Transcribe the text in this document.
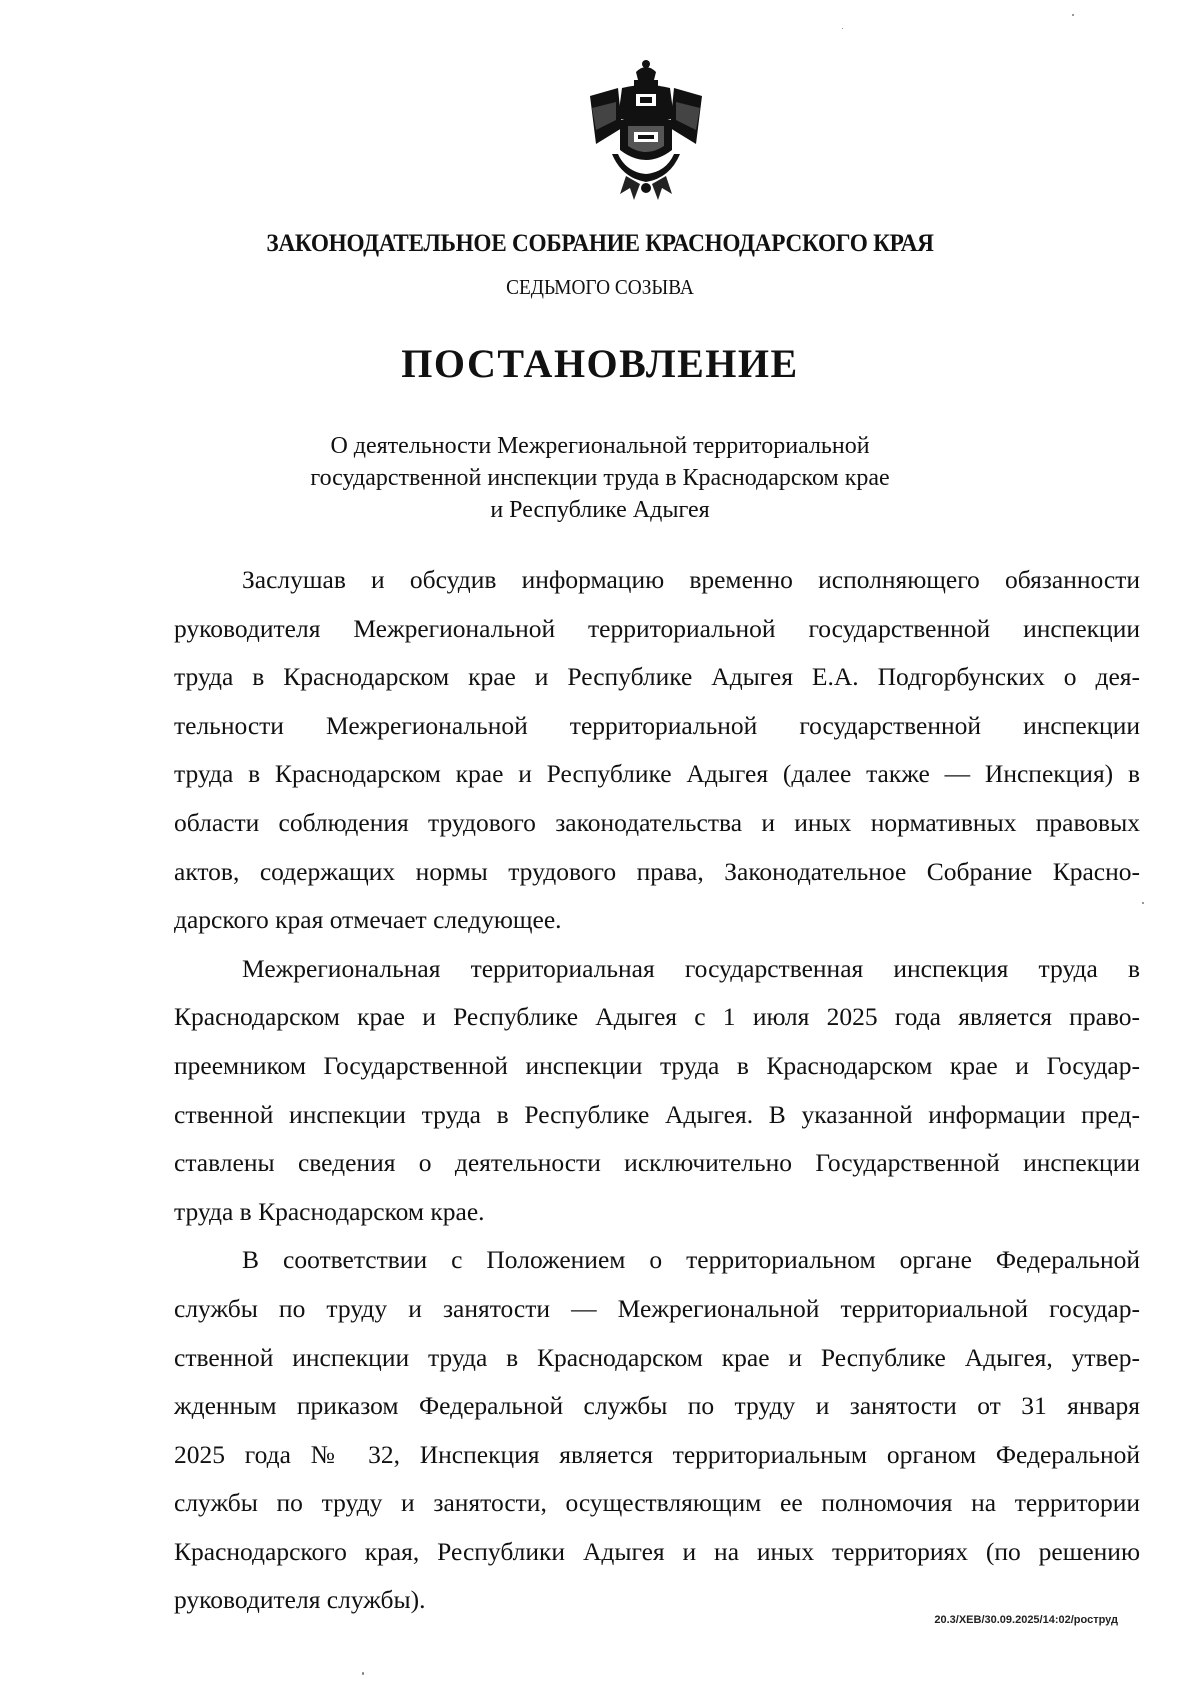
ЗАКОНОДАТЕЛЬНОЕ СОБРАНИЕ КРАСНОДАРСКОГО КРАЯ
СЕДЬМОГО СОЗЫВА
ПОСТАНОВЛЕНИЕ
О деятельности Межрегиональной территориальной
государственной инспекции труда в Краснодарском крае
и Республике Адыгея
Заслушав и обсудив информацию временно исполняющего обязанности
руководителя Межрегиональной территориальной государственной инспекции
труда в Краснодарском крае и Республике Адыгея Е.А. Подгорбунских о дея-
тельности Межрегиональной территориальной государственной инспекции
труда в Краснодарском крае и Республике Адыгея (далее также — Инспекция) в
области соблюдения трудового законодательства и иных нормативных правовых
актов, содержащих нормы трудового права, Законодательное Собрание Красно-
дарского края отмечает следующее.
Межрегиональная территориальная государственная инспекция труда в
Краснодарском крае и Республике Адыгея с 1 июля 2025 года является право-
преемником Государственной инспекции труда в Краснодарском крае и Государ-
ственной инспекции труда в Республике Адыгея. В указанной информации пред-
ставлены сведения о деятельности исключительно Государственной инспекции
труда в Краснодарском крае.
В соответствии с Положением о территориальном органе Федеральной
службы по труду и занятости — Межрегиональной территориальной государ-
ственной инспекции труда в Краснодарском крае и Республике Адыгея, утвер-
жденным приказом Федеральной службы по труду и занятости от 31 января
2025 года № 32, Инспекция является территориальным органом Федеральной
службы по труду и занятости, осуществляющим ее полномочия на территории
Краснодарского края, Республики Адыгея и на иных территориях (по решению
руководителя службы).
20.3/ХЕВ/30.09.2025/14:02/роструд
